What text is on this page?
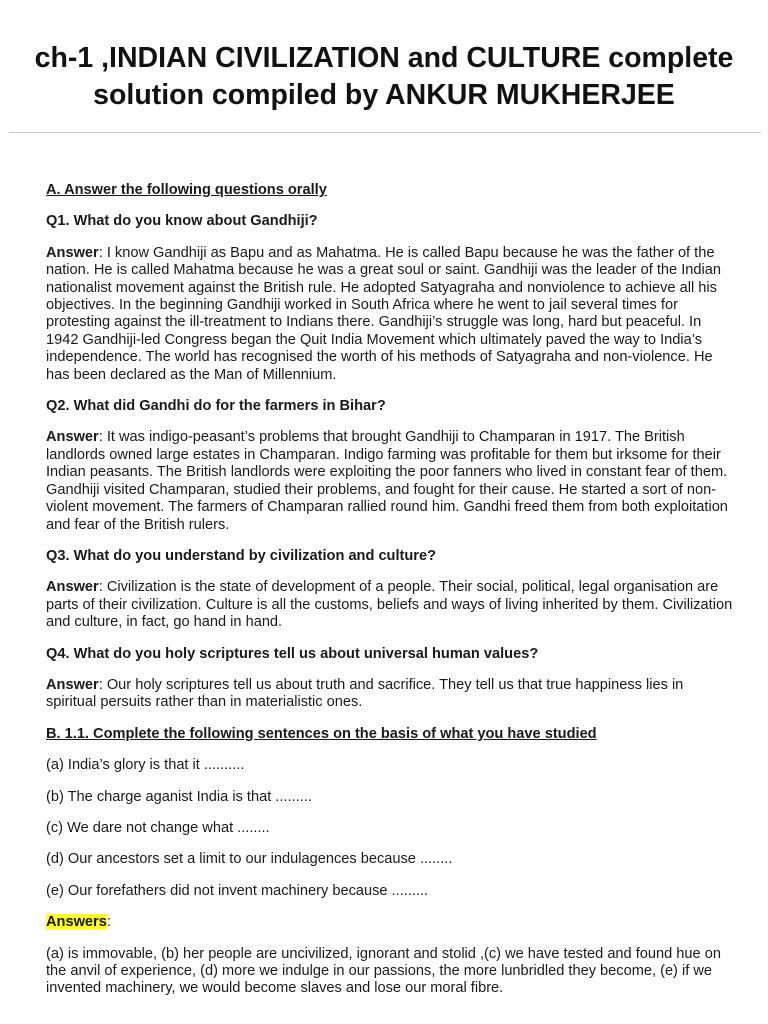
ch-1 ,INDIAN CIVILIZATION and CULTURE complete
solution compiled by ANKUR MUKHERJEE

A. Answer the following questions orally

Q1. What do you know about Gandhiji?

Answer: I know Gandhiji as Bapu and as Mahatma. He is called Bapu because he was the father of the nation. He is called Mahatma because he was a great soul or saint. Gandhiji was the leader of the Indian nationalist movement against the British rule. He adopted Satyagraha and nonviolence to achieve all his objectives. In the beginning Gandhiji worked in South Africa where he went to jail several times for protesting against the ill-treatment to Indians there. Gandhiji’s struggle was long, hard but peaceful. In 1942 Gandhiji-led Congress began the Quit India Movement which ultimately paved the way to India’s independence. The world has recognised the worth of his methods of Satyagraha and non-violence. He has been declared as the Man of Millennium.

Q2. What did Gandhi do for the farmers in Bihar?

Answer: It was indigo-peasant’s problems that brought Gandhiji to Champaran in 1917. The British landlords owned large estates in Champaran. Indigo farming was profitable for them but irksome for their Indian peasants. The British landlords were exploiting the poor fanners who lived in constant fear of them. Gandhiji visited Champaran, studied their problems, and fought for their cause. He started a sort of non-violent movement. The farmers of Champaran rallied round him. Gandhi freed them from both exploitation and fear of the British rulers.

Q3. What do you understand by civilization and culture?

Answer: Civilization is the state of development of a people. Their social, political, legal organisation are parts of their civilization. Culture is all the customs, beliefs and ways of living inherited by them. Civilization and culture, in fact, go hand in hand.

Q4. What do you holy scriptures tell us about universal human values?

Answer: Our holy scriptures tell us about truth and sacrifice. They tell us that true happiness lies in spiritual persuits rather than in materialistic ones.

B. 1.1. Complete the following sentences on the basis of what you have studied

(a) India’s glory is that it ..........

(b) The charge aganist India is that .........

(c) We dare not change what ........

(d) Our ancestors set a limit to our indulagences because ........

(e) Our forefathers did not invent machinery because .........

Answers:

(a) is immovable, (b) her people are uncivilized, ignorant and stolid ,(c) we have tested and found hue on the anvil of experience, (d) more we indulge in our passions, the more lunbridled they become, (e) if we invented machinery, we would become slaves and lose our moral fibre.
